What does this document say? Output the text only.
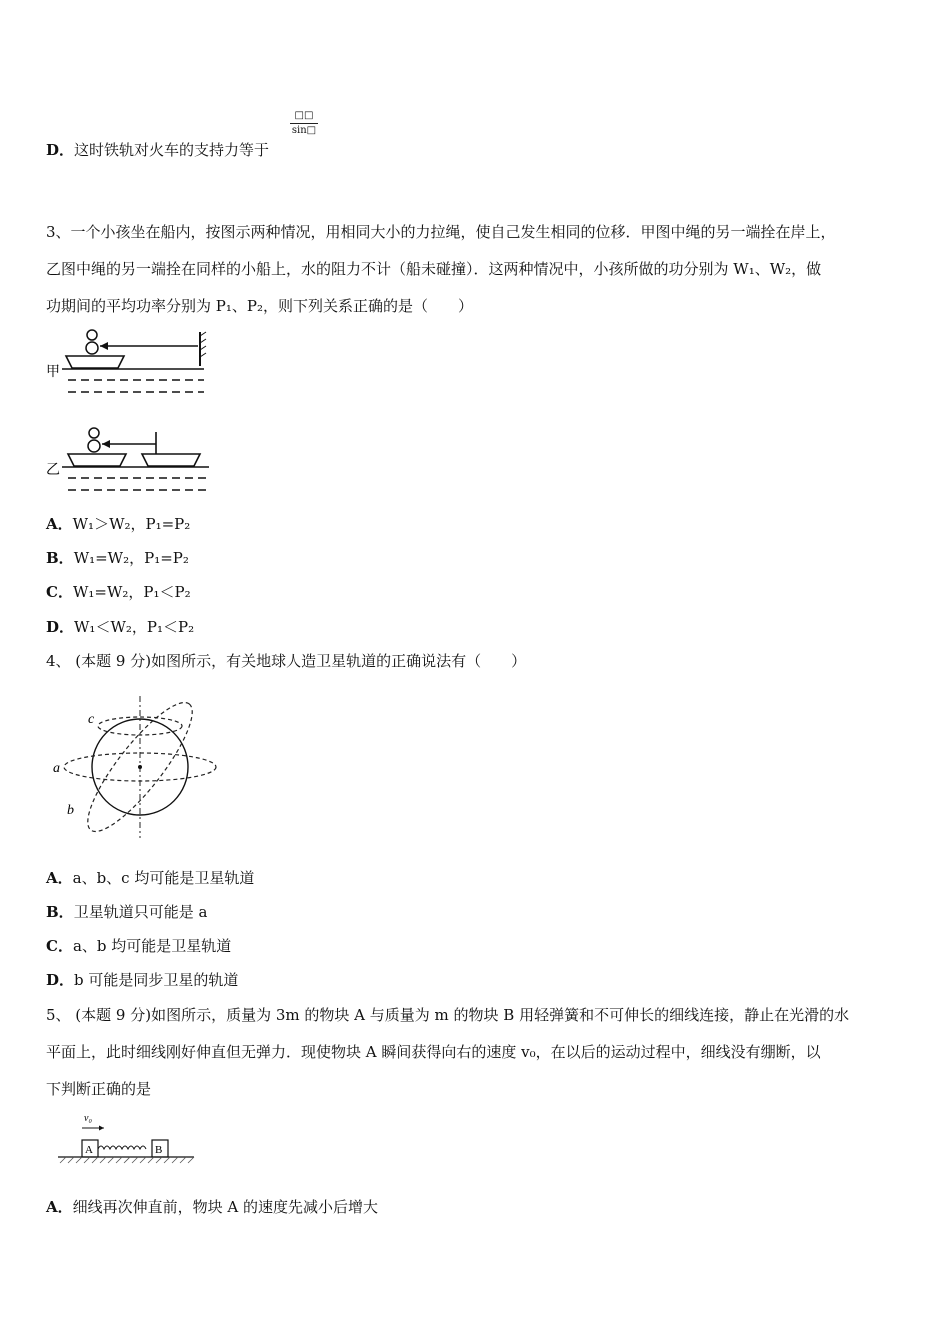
□□
sin□
D．这时铁轨对火车的支持力等于
3、一个小孩坐在船内，按图示两种情况，用相同大小的力拉绳，使自己发生相同的位移．甲图中绳的另一端拴在岸上，
乙图中绳的另一端拴在同样的小船上，水的阻力不计（船未碰撞）．这两种情况中，小孩所做的功分别为 W₁、W₂，做
功期间的平均功率分别为 P₁、P₂，则下列关系正确的是（　　）
甲
乙
A．W₁＞W₂，P₁=P₂
B．W₁=W₂，P₁=P₂
C．W₁=W₂，P₁＜P₂
D．W₁＜W₂，P₁＜P₂
4、 (本题 9 分)如图所示，有关地球人造卫星轨道的正确说法有（　　）
a
b
c
A．a、b、c 均可能是卫星轨道
B．卫星轨道只可能是 a
C．a、b 均可能是卫星轨道
D．b 可能是同步卫星的轨道
5、 (本题 9 分)如图所示，质量为 3m 的物块 A 与质量为 m 的物块 B 用轻弹簧和不可伸长的细线连接，静止在光滑的水
平面上，此时细线刚好伸直但无弹力．现使物块 A 瞬间获得向右的速度 v₀，在以后的运动过程中，细线没有绷断，以
下判断正确的是
v₀
A	B
A．细线再次伸直前，物块 A 的速度先减小后增大
